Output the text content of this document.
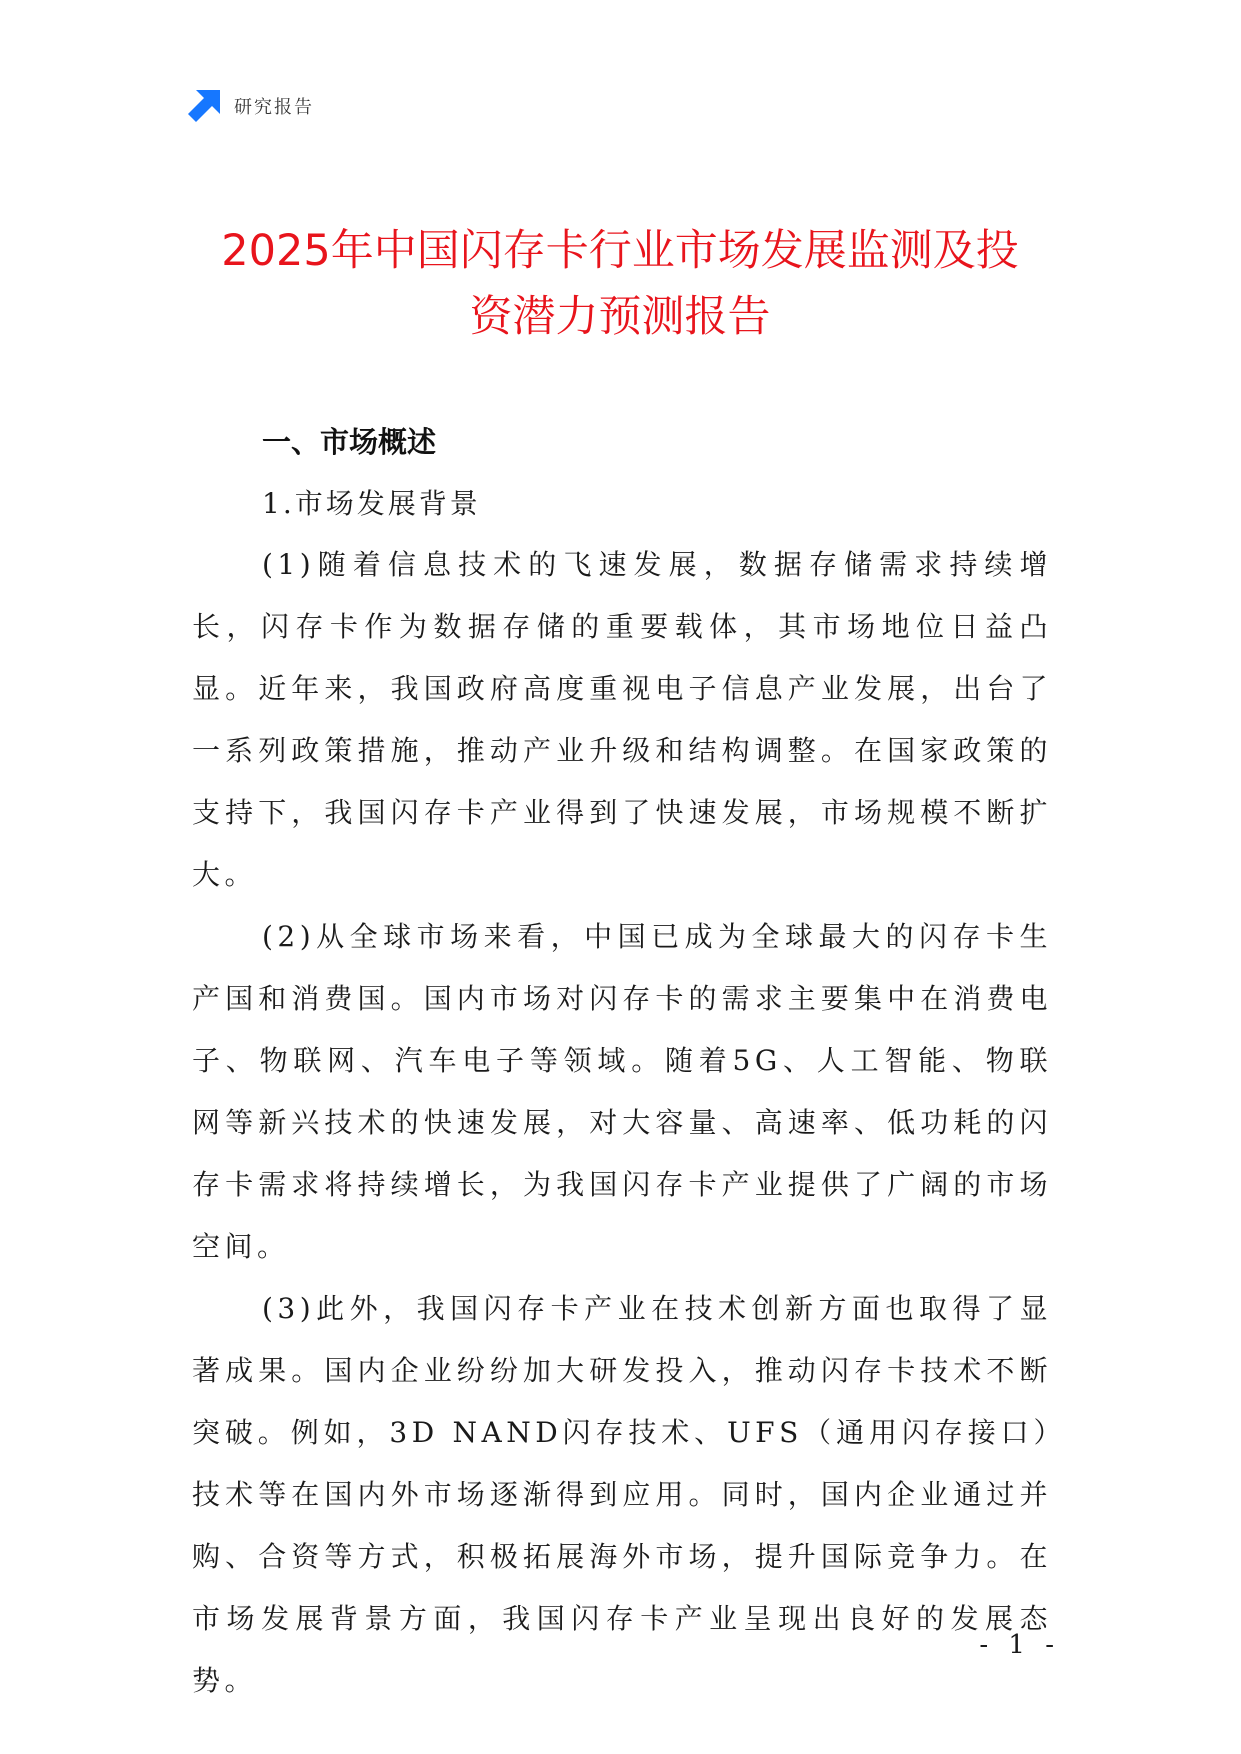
研究报告
2025年中国闪存卡行业市场发展监测及投
资潜力预测报告
一、市场概述
1.市场发展背景

(1)随着信息技术的飞速发展，数据存储需求持续增长，闪存卡作为数据存储的重要载体，其市场地位日益凸显。近年来，我国政府高度重视电子信息产业发展，出台了一系列政策措施，推动产业升级和结构调整。在国家政策的支持下，我国闪存卡产业得到了快速发展，市场规模不断扩大。

(2)从全球市场来看，中国已成为全球最大的闪存卡生产国和消费国。国内市场对闪存卡的需求主要集中在消费电子、物联网、汽车电子等领域。随着5G、人工智能、物联网等新兴技术的快速发展，对大容量、高速率、低功耗的闪存卡需求将持续增长，为我国闪存卡产业提供了广阔的市场空间。

(3)此外，我国闪存卡产业在技术创新方面也取得了显著成果。国内企业纷纷加大研发投入，推动闪存卡技术不断突破。例如，3D NAND闪存技术、UFS（通用闪存接口）技术等在国内外市场逐渐得到应用。同时，国内企业通过并购、合资等方式，积极拓展海外市场，提升国际竞争力。在市场发展背景方面，我国闪存卡产业呈现出良好的发展态势。

- 1 -
